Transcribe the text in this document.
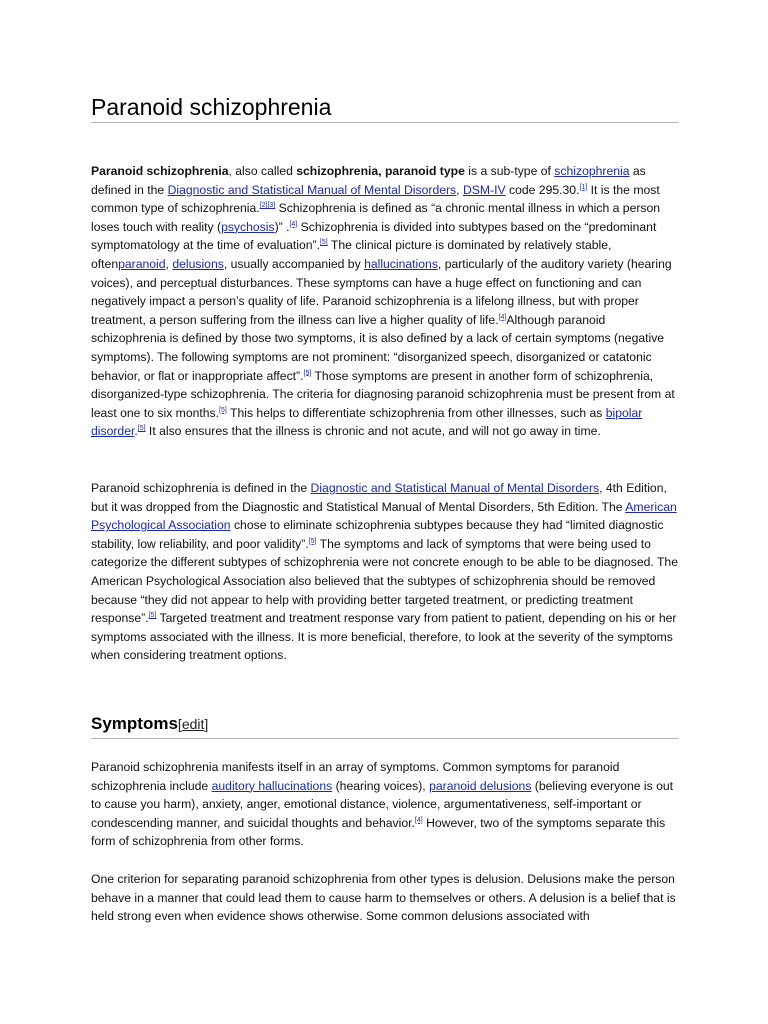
Paranoid schizophrenia

Paranoid schizophrenia, also called schizophrenia, paranoid type is a sub-type of schizophrenia as defined in the Diagnostic and Statistical Manual of Mental Disorders, DSM-IV code 295.30.[1] It is the most common type of schizophrenia.[2][3] Schizophrenia is defined as “a chronic mental illness in which a person loses touch with reality (psychosis)” .[4] Schizophrenia is divided into subtypes based on the “predominant symptomatology at the time of evaluation”.[5] The clinical picture is dominated by relatively stable, oftenparanoid, delusions, usually accompanied by hallucinations, particularly of the auditory variety (hearing voices), and perceptual disturbances. These symptoms can have a huge effect on functioning and can negatively impact a person’s quality of life. Paranoid schizophrenia is a lifelong illness, but with proper treatment, a person suffering from the illness can live a higher quality of life.[4]Although paranoid schizophrenia is defined by those two symptoms, it is also defined by a lack of certain symptoms (negative symptoms). The following symptoms are not prominent: “disorganized speech, disorganized or catatonic behavior, or flat or inappropriate affect”.[5] Those symptoms are present in another form of schizophrenia, disorganized-type schizophrenia. The criteria for diagnosing paranoid schizophrenia must be present from at least one to six months.[5] This helps to differentiate schizophrenia from other illnesses, such as bipolar disorder.[5] It also ensures that the illness is chronic and not acute, and will not go away in time.

Paranoid schizophrenia is defined in the Diagnostic and Statistical Manual of Mental Disorders, 4th Edition, but it was dropped from the Diagnostic and Statistical Manual of Mental Disorders, 5th Edition. The American Psychological Association chose to eliminate schizophrenia subtypes because they had “limited diagnostic stability, low reliability, and poor validity”.[5] The symptoms and lack of symptoms that were being used to categorize the different subtypes of schizophrenia were not concrete enough to be able to be diagnosed. The American Psychological Association also believed that the subtypes of schizophrenia should be removed because “they did not appear to help with providing better targeted treatment, or predicting treatment response”.[5] Targeted treatment and treatment response vary from patient to patient, depending on his or her symptoms associated with the illness. It is more beneficial, therefore, to look at the severity of the symptoms when considering treatment options.

Symptoms[edit]

Paranoid schizophrenia manifests itself in an array of symptoms. Common symptoms for paranoid schizophrenia include auditory hallucinations (hearing voices), paranoid delusions (believing everyone is out to cause you harm), anxiety, anger, emotional distance, violence, argumentativeness, self-important or condescending manner, and suicidal thoughts and behavior.[4] However, two of the symptoms separate this form of schizophrenia from other forms.

One criterion for separating paranoid schizophrenia from other types is delusion. Delusions make the person behave in a manner that could lead them to cause harm to themselves or others. A delusion is a belief that is held strong even when evidence shows otherwise. Some common delusions associated with
